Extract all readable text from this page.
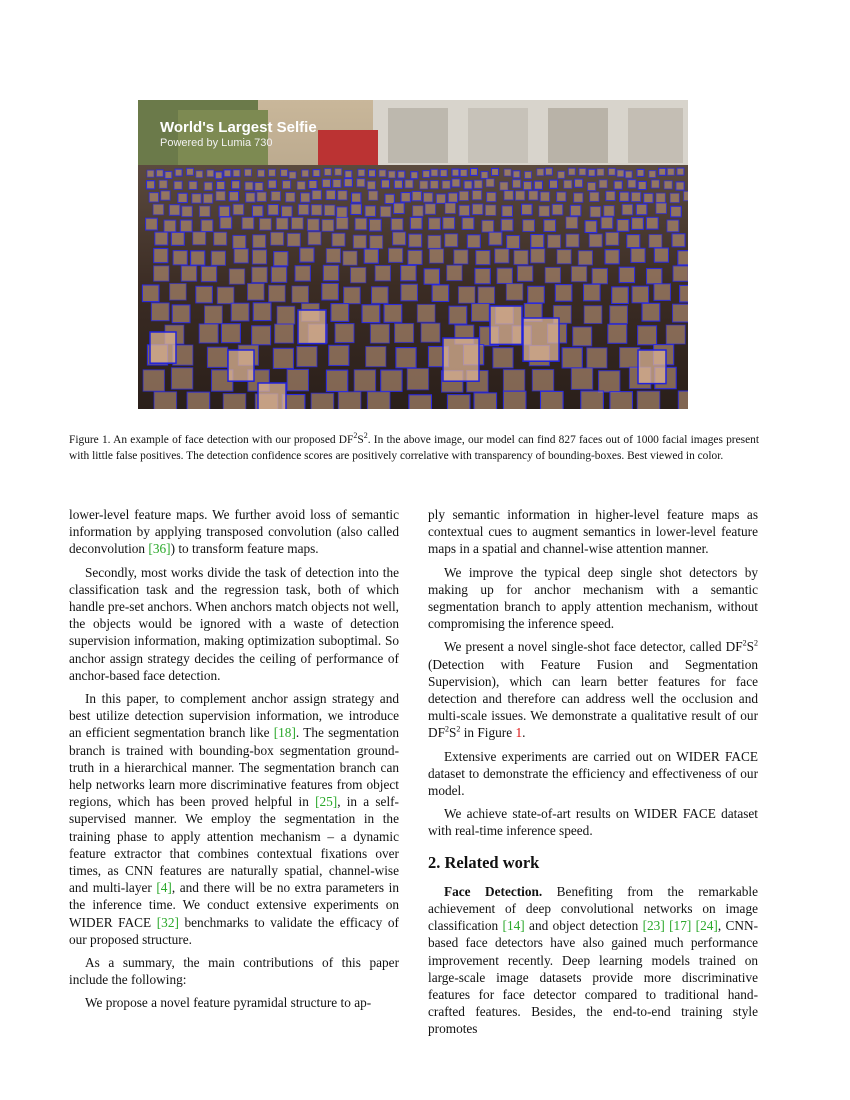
World's Largest Selfie
Powered by Lumia 730
Figure 1. An example of face detection with our proposed $DF^2S^2$. In the above image, our model can find 827 faces out of 1000 facial images present with little false positives. The detection confidence scores are positively correlative with transparency of bounding-boxes. Best viewed in color.

lower-level feature maps. We further avoid loss of semantic information by applying transposed convolution (also called deconvolution [36]) to transform feature maps.

Secondly, most works divide the task of detection into the classification task and the regression task, both of which handle pre-set anchors. When anchors match objects not well, the objects would be ignored with a waste of detection supervision information, making optimization suboptimal. So anchor assign strategy decides the ceiling of performance of anchor-based face detection.

In this paper, to complement anchor assign strategy and best utilize detection supervision information, we introduce an efficient segmentation branch like [18]. The segmentation branch is trained with bounding-box segmentation ground-truth in a hierarchical manner. The segmentation branch can help networks learn more discriminative features from object regions, which has been proved helpful in [25], in a self-supervised manner. We employ the segmentation in the training phase to apply attention mechanism – a dynamic feature extractor that combines contextual fixations over times, as CNN features are naturally spatial, channel-wise and multi-layer [4], and there will be no extra parameters in the inference time. We conduct extensive experiments on WIDER FACE [32] benchmarks to validate the efficacy of our proposed structure.

As a summary, the main contributions of this paper include the following:

We propose a novel feature pyramidal structure to ap-

ply semantic information in higher-level feature maps as contextual cues to augment semantics in lower-level feature maps in a spatial and channel-wise attention manner.

We improve the typical deep single shot detectors by making up for anchor mechanism with a semantic segmentation branch to apply attention mechanism, without compromising the inference speed.

We present a novel single-shot face detector, called $DF^2S^2$ (Detection with Feature Fusion and Segmentation Supervision), which can learn better features for face detection and therefore can address well the occlusion and multi-scale issues. We demonstrate a qualitative result of our $DF^2S^2$ in Figure 1.

Extensive experiments are carried out on WIDER FACE dataset to demonstrate the efficiency and effectiveness of our model.

We achieve state-of-art results on WIDER FACE dataset with real-time inference speed.

2. Related work

Face Detection. Benefiting from the remarkable achievement of deep convolutional networks on image classification [14] and object detection [23] [17] [24], CNN-based face detectors have also gained much performance improvement recently. Deep learning models trained on large-scale image datasets provide more discriminative features for face detector compared to traditional hand-crafted features. Besides, the end-to-end training style promotes
